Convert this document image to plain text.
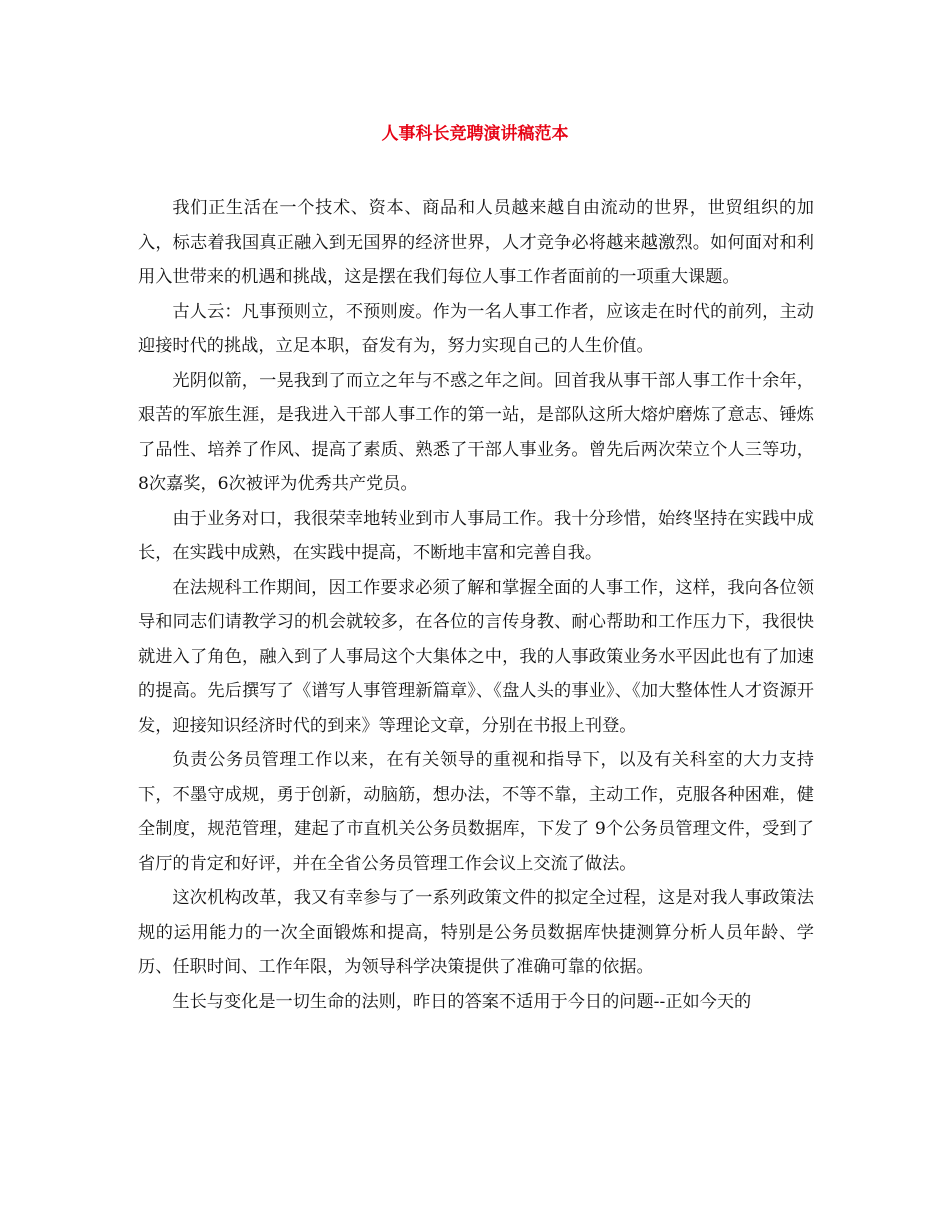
人事科长竞聘演讲稿范本

我们正生活在一个技术、资本、商品和人员越来越自由流动的世界，世贸组织的加入，标志着我国真正融入到无国界的经济世界，人才竞争必将越来越激烈。如何面对和利用入世带来的机遇和挑战，这是摆在我们每位人事工作者面前的一项重大课题。

古人云：凡事预则立，不预则废。作为一名人事工作者，应该走在时代的前列，主动迎接时代的挑战，立足本职，奋发有为，努力实现自己的人生价值。

光阴似箭，一晃我到了而立之年与不惑之年之间。回首我从事干部人事工作十余年，艰苦的军旅生涯，是我进入干部人事工作的第一站，是部队这所大熔炉磨炼了意志、锤炼了品性、培养了作风、提高了素质、熟悉了干部人事业务。曾先后两次荣立个人三等功，8次嘉奖，6次被评为优秀共产党员。

由于业务对口，我很荣幸地转业到市人事局工作。我十分珍惜，始终坚持在实践中成长，在实践中成熟，在实践中提高，不断地丰富和完善自我。

在法规科工作期间，因工作要求必须了解和掌握全面的人事工作，这样，我向各位领导和同志们请教学习的机会就较多，在各位的言传身教、耐心帮助和工作压力下，我很快就进入了角色，融入到了人事局这个大集体之中，我的人事政策业务水平因此也有了加速的提高。先后撰写了《谱写人事管理新篇章》、《盘人头的事业》、《加大整体性人才资源开发，迎接知识经济时代的到来》等理论文章，分别在书报上刊登。

负责公务员管理工作以来，在有关领导的重视和指导下，以及有关科室的大力支持下，不墨守成规，勇于创新，动脑筋，想办法，不等不靠，主动工作，克服各种困难，健全制度，规范管理，建起了市直机关公务员数据库，下发了 9个公务员管理文件，受到了省厅的肯定和好评，并在全省公务员管理工作会议上交流了做法。

这次机构改革，我又有幸参与了一系列政策文件的拟定全过程，这是对我人事政策法规的运用能力的一次全面锻炼和提高，特别是公务员数据库快捷测算分析人员年龄、学历、任职时间、工作年限，为领导科学决策提供了准确可靠的依据。

生长与变化是一切生命的法则，昨日的答案不适用于今日的问题--正如今天的
